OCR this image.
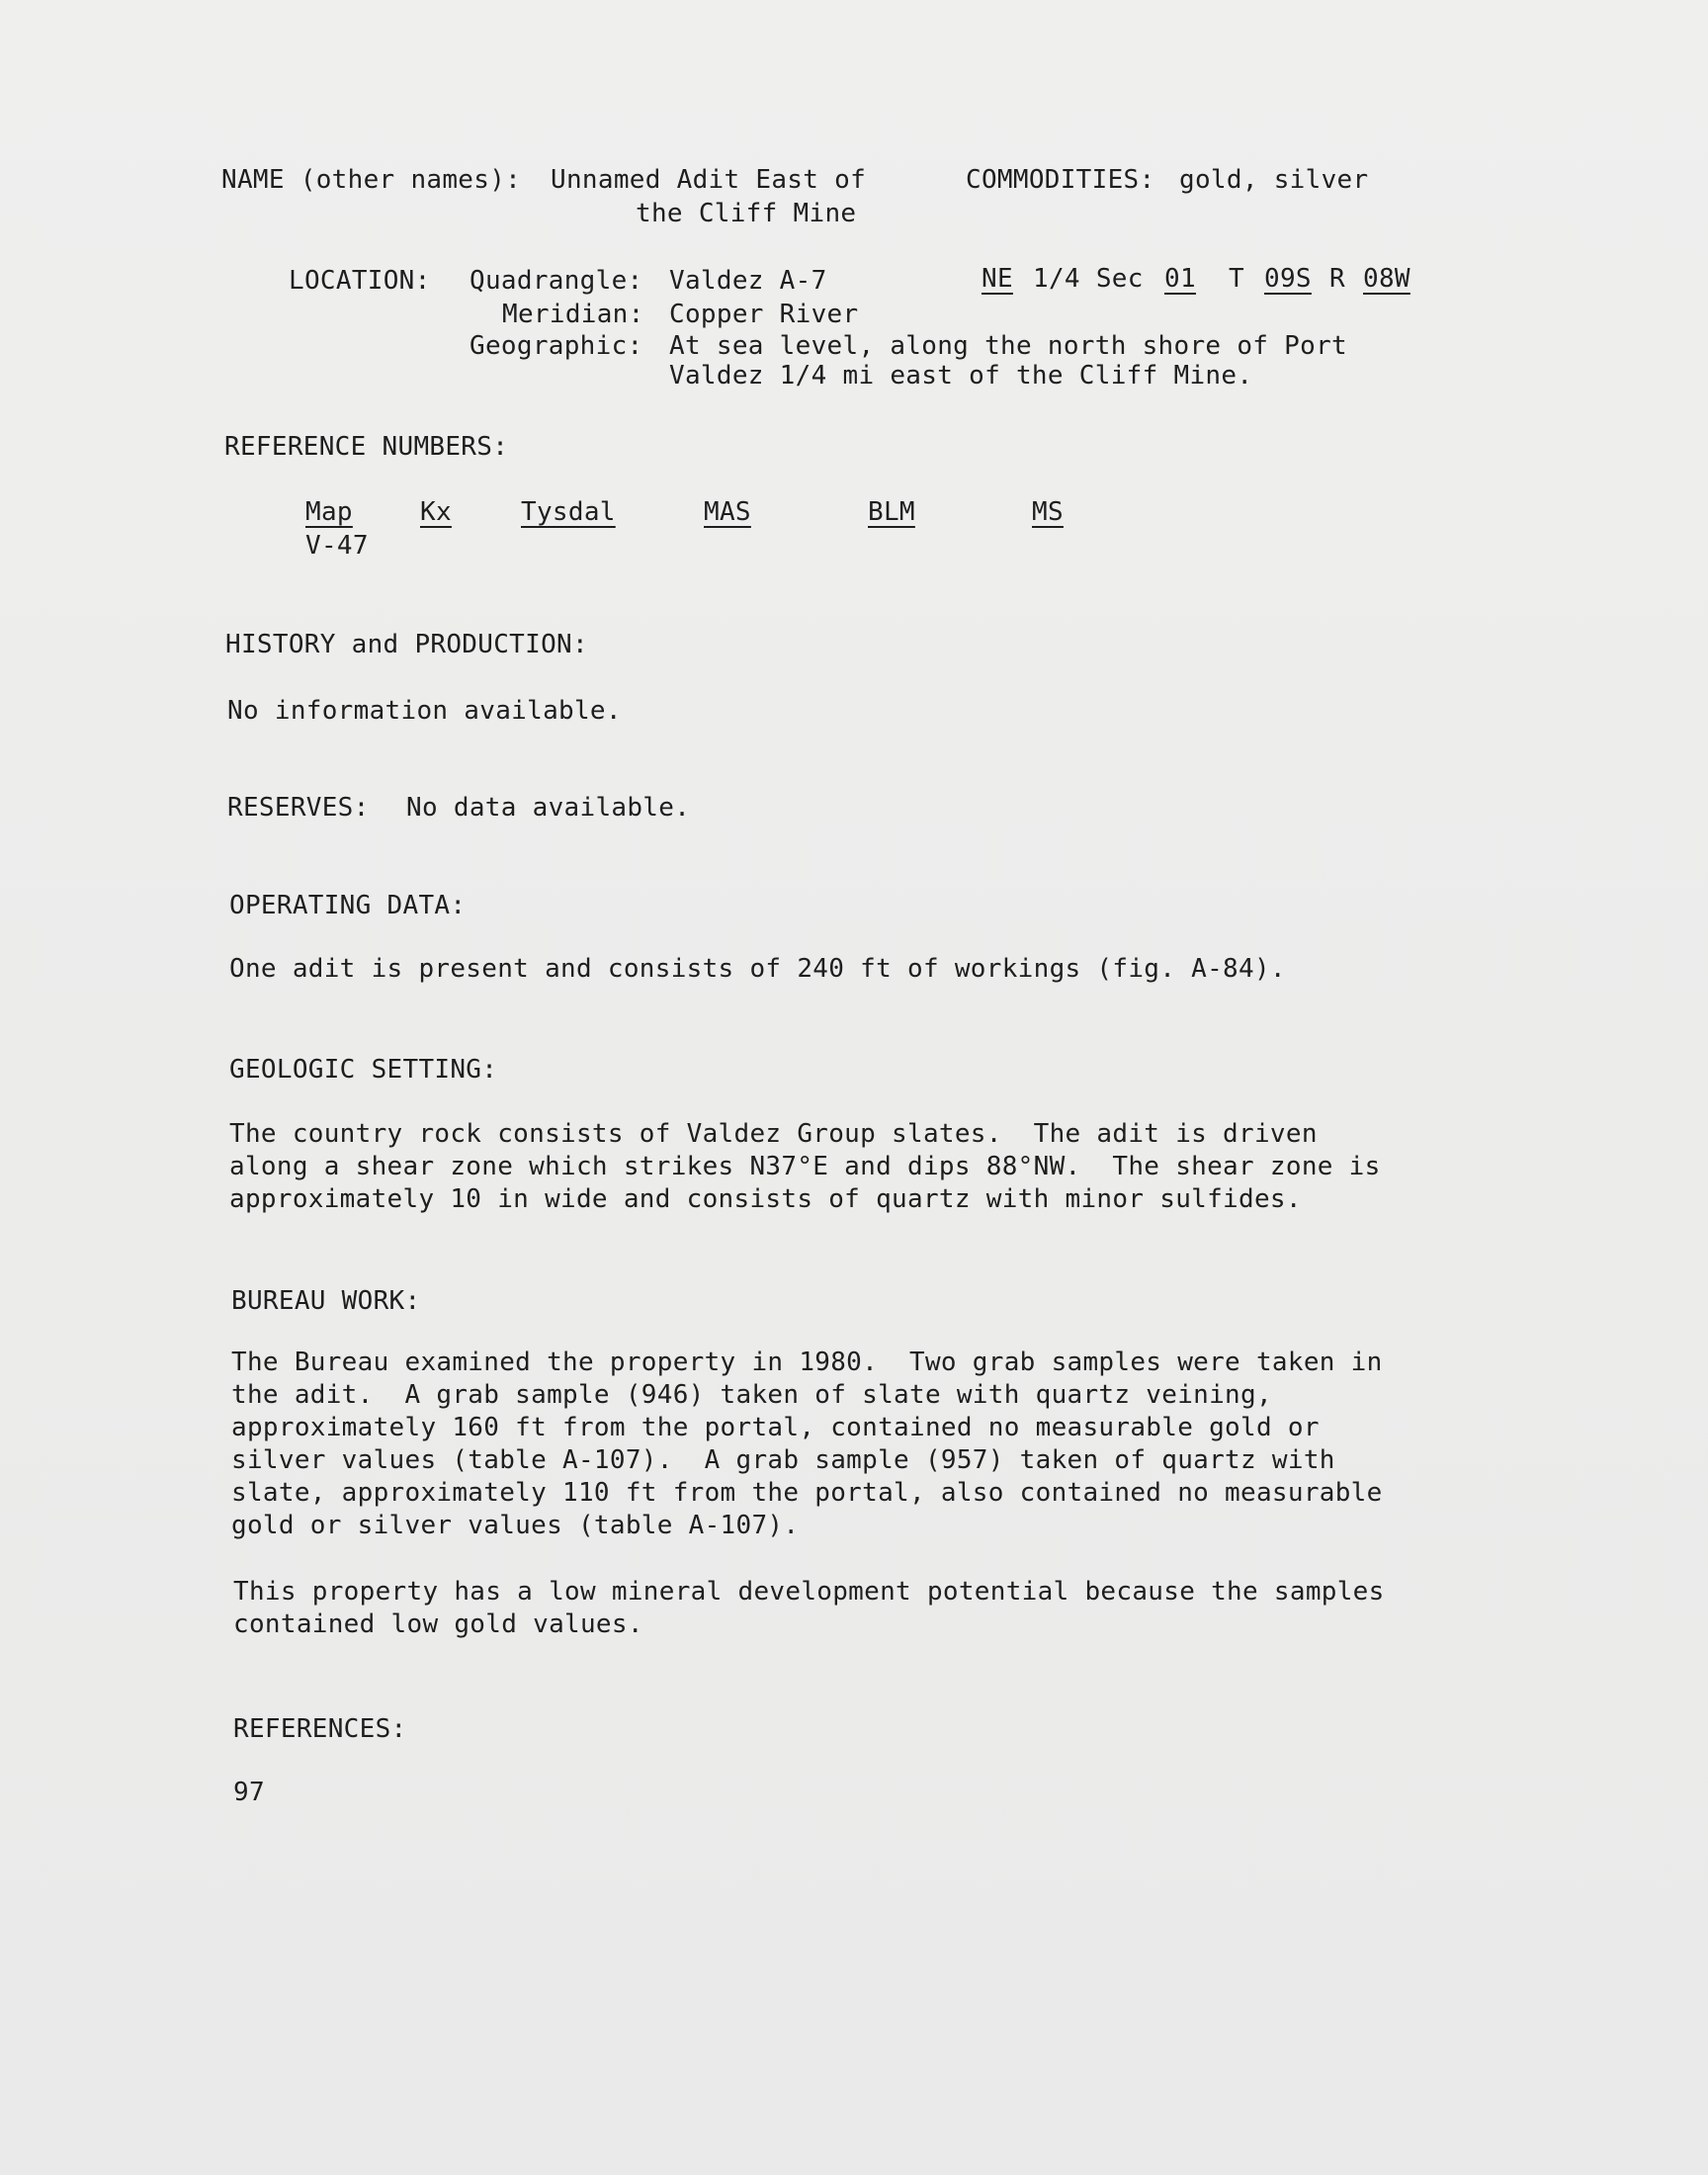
NAME (other names): Unnamed Adit East of
the Cliff Mine
COMMODITIES: gold, silver
LOCATION: Quadrangle: Valdez A-7	NE 1/4 Sec 01 T 09S R 08W
Meridian: Copper River
Geographic: At sea level, along the north shore of Port
Valdez 1/4 mi east of the Cliff Mine.
REFERENCE NUMBERS:
Map	Kx	Tysdal	MAS	BLM	MS
V-47
HISTORY and PRODUCTION:
No information available.
RESERVES: No data available.
OPERATING DATA:
One adit is present and consists of 240 ft of workings (fig. A-84).
GEOLOGIC SETTING:
The country rock consists of Valdez Group slates.  The adit is driven
along a shear zone which strikes N37°E and dips 88°NW.  The shear zone is
approximately 10 in wide and consists of quartz with minor sulfides.
BUREAU WORK:
The Bureau examined the property in 1980.  Two grab samples were taken in
the adit.  A grab sample (946) taken of slate with quartz veining,
approximately 160 ft from the portal, contained no measurable gold or
silver values (table A-107).  A grab sample (957) taken of quartz with
slate, approximately 110 ft from the portal, also contained no measurable
gold or silver values (table A-107).
This property has a low mineral development potential because the samples
contained low gold values.
REFERENCES:
97
